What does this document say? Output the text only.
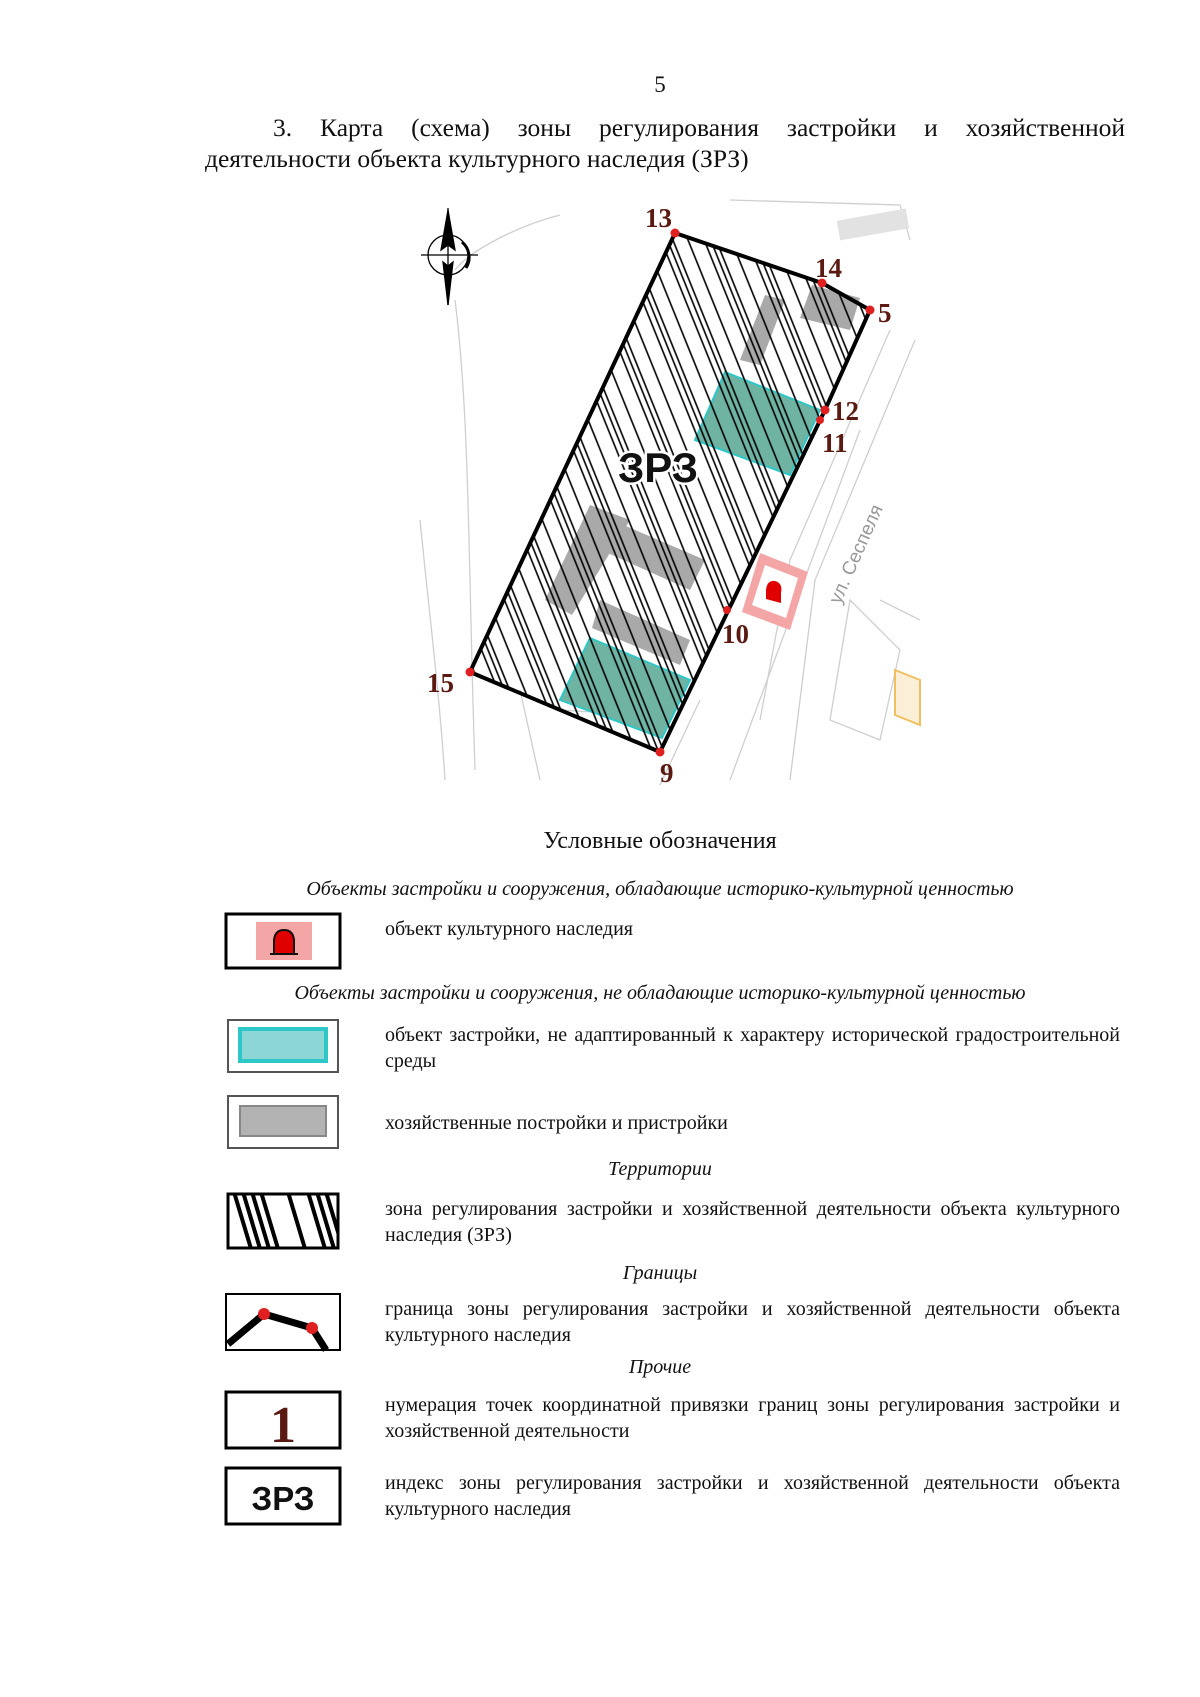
5
3. Карта (схема) зоны регулирования застройки и хозяйственной деятельности объекта культурного наследия (ЗРЗ)
ул. Сеспеля
13
14
5
12
11
10
15
9
ЗРЗ
Условные обозначения
Объекты застройки и сооружения, обладающие историко-культурной ценностью
объект культурного наследия
Объекты застройки и сооружения, не обладающие историко-культурной ценностью
объект застройки, не адаптированный к характеру исторической градостроительной среды
хозяйственные постройки и пристройки
Территории
зона регулирования застройки и хозяйственной деятельности объекта культурного наследия (ЗРЗ)
Границы
граница зоны регулирования застройки и хозяйственной деятельности объекта культурного наследия
Прочие
1	нумерация точек координатной привязки границ зоны регулирования застройки и хозяйственной деятельности
ЗРЗ	индекс зоны регулирования застройки и хозяйственной деятельности объекта культурного наследия
